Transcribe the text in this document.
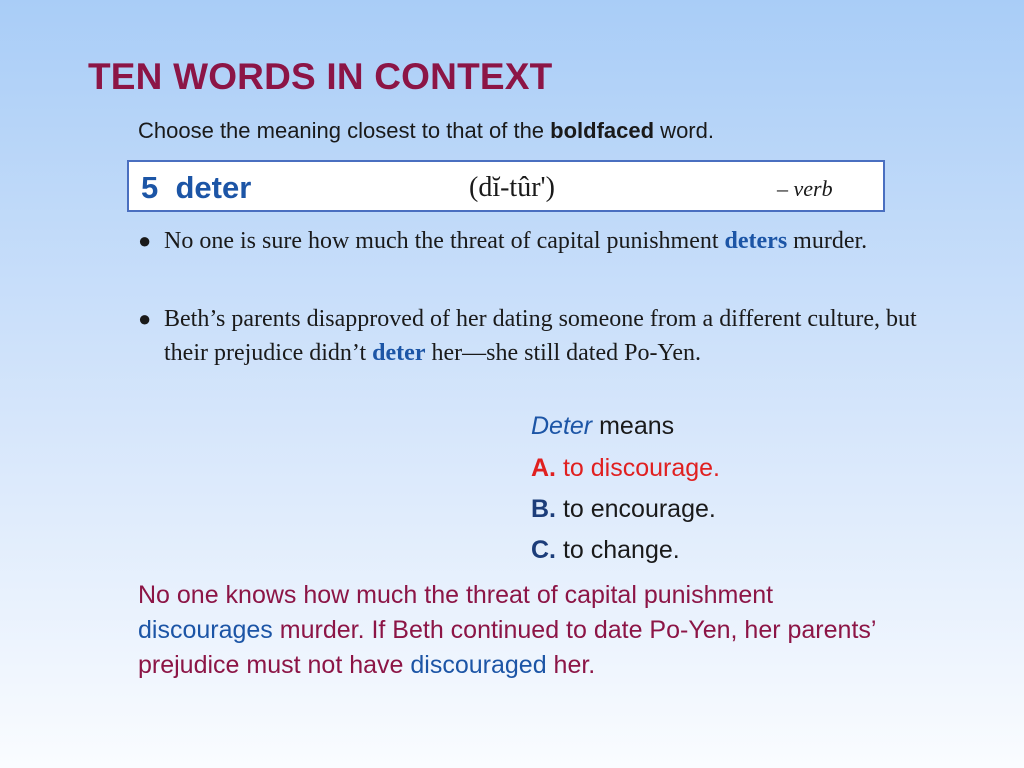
TEN WORDS IN CONTEXT
Choose the meaning closest to that of the boldfaced word.
5  deter	(dĭ-tûr')	– verb
● No one is sure how much the threat of capital punishment deters murder.
● Beth’s parents disapproved of her dating someone from a different culture, but their prejudice didn’t deter her—she still dated Po-Yen.
Deter means
A. to discourage.
B. to encourage.
C. to change.
No one knows how much the threat of capital punishment discourages murder. If Beth continued to date Po-Yen, her parents’ prejudice must not have discouraged her.
